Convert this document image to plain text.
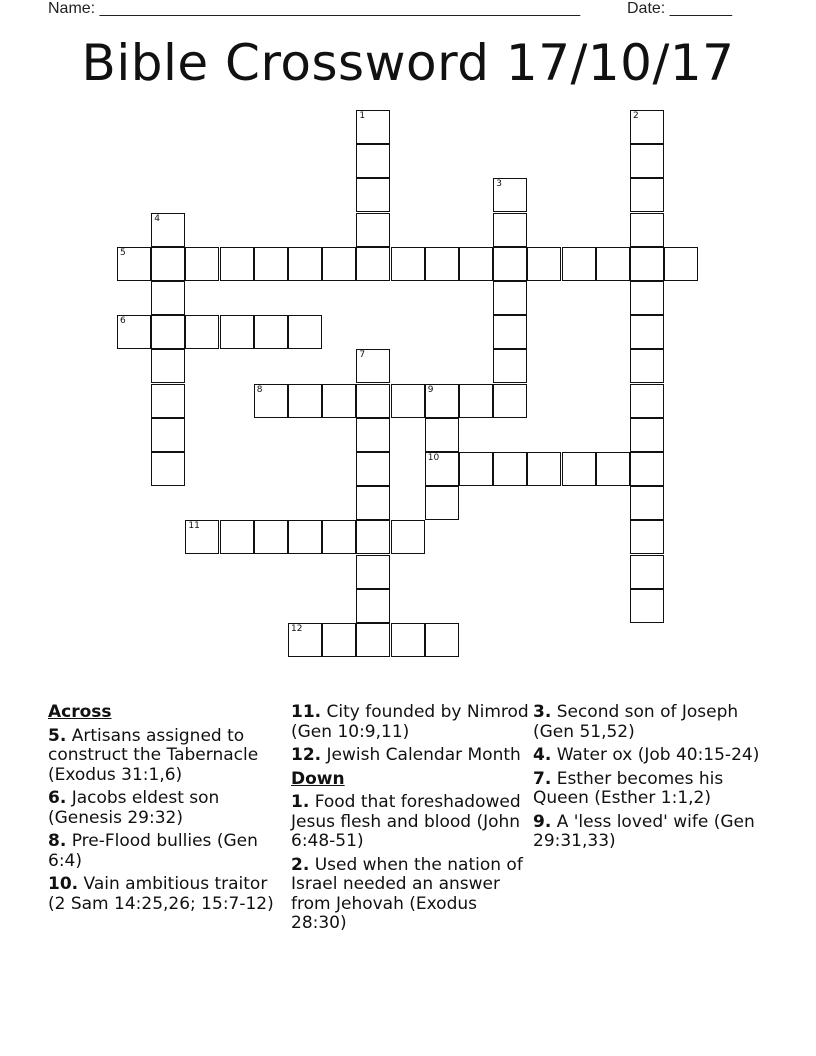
Name: ______________________________________________________	Date: _______
Bible Crossword 17/10/17
1	2
3
4
5
6
7
8	9
10
11
12
Across
5. Artisans assigned to construct the Tabernacle (Exodus 31:1,6)
6. Jacobs eldest son (Genesis 29:32)
8. Pre-Flood bullies (Gen 6:4)
10. Vain ambitious traitor (2 Sam 14:25,26; 15:7-12)
11. City founded by Nimrod (Gen 10:9,11)
12. Jewish Calendar Month
Down
1. Food that foreshadowed Jesus flesh and blood (John 6:48-51)
2. Used when the nation of Israel needed an answer from Jehovah (Exodus 28:30)
3. Second son of Joseph (Gen 51,52)
4. Water ox (Job 40:15-24)
7. Esther becomes his Queen (Esther 1:1,2)
9. A 'less loved' wife (Gen 29:31,33)
